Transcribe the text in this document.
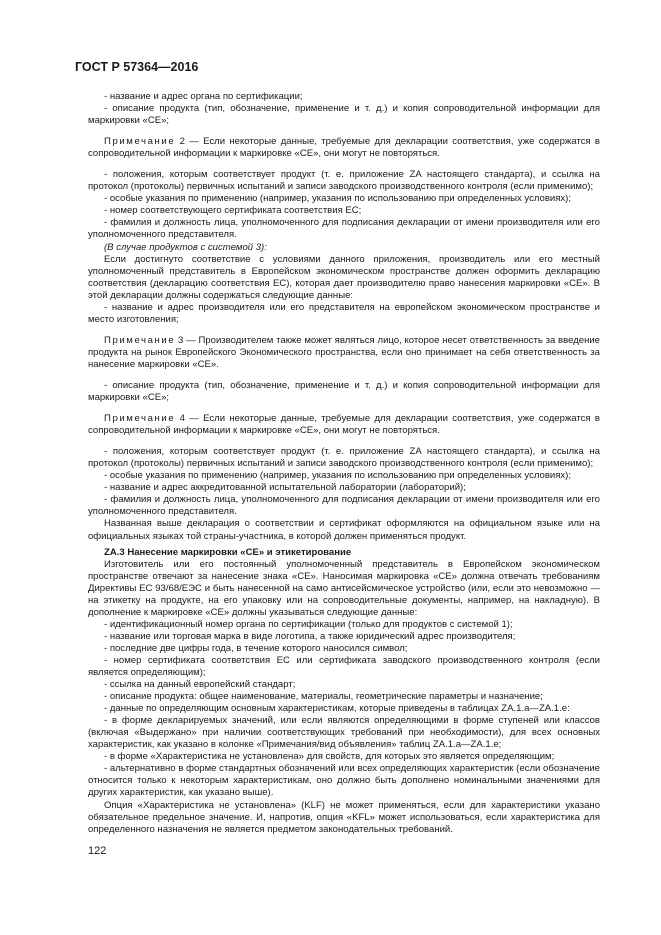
ГОСТ Р 57364—2016

- название и адрес органа по сертификации;

- описание продукта (тип, обозначение, применение и т. д.) и копия сопроводительной информации для маркировки «CE»;

Примечание 2 — Если некоторые данные, требуемые для декларации соответствия, уже содержатся в сопроводительной информации к маркировке «CE», они могут не повторяться.

- положения, которым соответствует продукт (т. е. приложение ZA настоящего стандарта), и ссылка на протокол (протоколы) первичных испытаний и записи заводского производственного контроля (если применимо);

- особые указания по применению (например, указания по использованию при определенных условиях);

- номер соответствующего сертификата соответствия ЕС;

- фамилия и должность лица, уполномоченного для подписания декларации от имени производителя или его уполномоченного представителя.

(В случае продуктов с системой 3):

Если достигнуто соответствие с условиями данного приложения, производитель или его местный уполномоченный представитель в Европейском экономическом пространстве должен оформить декларацию соответствия (декларацию соответствия ЕС), которая дает производителю право нанесения маркировки «CE». В этой декларации должны содержаться следующие данные:

- название и адрес производителя или его представителя на европейском экономическом пространстве и место изготовления;

Примечание 3 — Производителем также может являться лицо, которое несет ответственность за введение продукта на рынок Европейского Экономического пространства, если оно принимает на себя ответственность за нанесение маркировки «CE».

- описание продукта (тип, обозначение, применение и т. д.) и копия сопроводительной информации для маркировки «CE»;

Примечание 4 — Если некоторые данные, требуемые для декларации соответствия, уже содержатся в сопроводительной информации к маркировке «CE», они могут не повторяться.

- положения, которым соответствует продукт (т. е. приложение ZA настоящего стандарта), и ссылка на протокол (протоколы) первичных испытаний и записи заводского производственного контроля (если применимо);

- особые указания по применению (например, указания по использованию при определенных условиях);

- название и адрес аккредитованной испытательной лаборатории (лабораторий);

- фамилия и должность лица, уполномоченного для подписания декларации от имени производителя или его уполномоченного представителя.

Названная выше декларация о соответствии и сертификат оформляются на официальном языке или на официальных языках той страны-участника, в которой должен применяться продукт.

ZA.3 Нанесение маркировки «CE» и этикетирование

Изготовитель или его постоянный уполномоченный представитель в Европейском экономическом пространстве отвечают за нанесение знака «CE». Наносимая маркировка «CE» должна отвечать требованиям Директивы ЕС 93/68/ЕЭС и быть нанесенной на само антисейсмическое устройство (или, если это невозможно — на этикетку на продукте, на его упаковку или на сопроводительные документы, например, на накладную). В дополнение к маркировке «CE» должны указываться следующие данные:

- идентификационный номер органа по сертификации (только для продуктов с системой 1);

- название или торговая марка в виде логотипа, а также юридический адрес производителя;

- последние две цифры года, в течение которого наносился символ;

- номер сертификата соответствия ЕС или сертификата заводского производственного контроля (если является определяющим);

- ссылка на данный европейский стандарт;

- описание продукта: общее наименование, материалы, геометрические параметры и назначение;

- данные по определяющим основным характеристикам, которые приведены в таблицах ZA.1.а—ZA.1.е:

- в форме декларируемых значений, или если являются определяющими в форме ступеней или классов (включая «Выдержано» при наличии соответствующих требований при необходимости), для всех основных характеристик, как указано в колонке «Примечания/вид объявления» таблиц ZA.1.а—ZA.1.е;

- в форме «Характеристика не установлена» для свойств, для которых это является определяющим;

- альтернативно в форме стандартных обозначений или всех определяющих характеристик (если обозначение относится только к некоторым характеристикам, оно должно быть дополнено номинальными значениями для других характеристик, как указано выше).

Опция «Характеристика не установлена» (KLF) не может применяться, если для характеристики указано обязательное предельное значение. И, напротив, опция «KFL» может использоваться, если характеристика для определенного назначения не является предметом законодательных требований.

122
